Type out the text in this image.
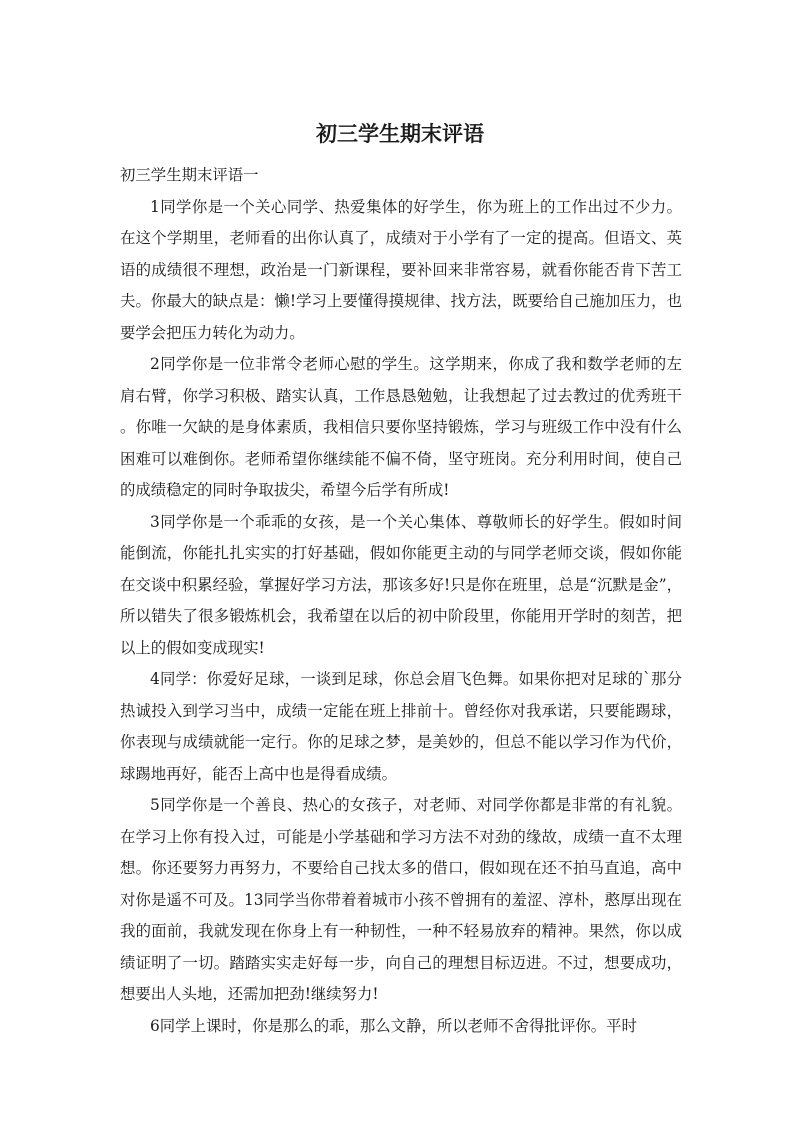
初三学生期末评语

初三学生期末评语一

1同学你是一个关心同学、热爱集体的好学生，你为班上的工作出过不少力。在这个学期里，老师看的出你认真了，成绩对于小学有了一定的提高。但语文、英语的成绩很不理想，政治是一门新课程，要补回来非常容易，就看你能否肯下苦工夫。你最大的缺点是：懒!学习上要懂得摸规律、找方法，既要给自己施加压力，也要学会把压力转化为动力。

2同学你是一位非常令老师心慰的学生。这学期来，你成了我和数学老师的左肩右臂，你学习积极、踏实认真，工作恳恳勉勉，让我想起了过去教过的优秀班干。你唯一欠缺的是身体素质，我相信只要你坚持锻炼，学习与班级工作中没有什么困难可以难倒你。老师希望你继续能不偏不倚，坚守班岗。充分利用时间，使自己的成绩稳定的同时争取拔尖，希望今后学有所成!

3同学你是一个乖乖的女孩，是一个关心集体、尊敬师长的好学生。假如时间能倒流，你能扎扎实实的打好基础，假如你能更主动的与同学老师交谈，假如你能在交谈中积累经验，掌握好学习方法，那该多好!只是你在班里，总是“沉默是金”，所以错失了很多锻炼机会，我希望在以后的初中阶段里，你能用开学时的刻苦，把以上的假如变成现实!

4同学：你爱好足球，一谈到足球，你总会眉飞色舞。如果你把对足球的`那分热诚投入到学习当中，成绩一定能在班上排前十。曾经你对我承诺，只要能踢球，你表现与成绩就能一定行。你的足球之梦，是美妙的，但总不能以学习作为代价，球踢地再好，能否上高中也是得看成绩。

5同学你是一个善良、热心的女孩子，对老师、对同学你都是非常的有礼貌。在学习上你有投入过，可能是小学基础和学习方法不对劲的缘故，成绩一直不太理想。你还要努力再努力，不要给自己找太多的借口，假如现在还不拍马直追，高中对你是遥不可及。13同学当你带着着城市小孩不曾拥有的羞涩、淳朴，憨厚出现在我的面前，我就发现在你身上有一种韧性，一种不轻易放弃的精神。果然，你以成绩证明了一切。踏踏实实走好每一步，向自己的理想目标迈进。不过，想要成功，想要出人头地，还需加把劲!继续努力!

6同学上课时，你是那么的乖，那么文静，所以老师不舍得批评你。平时
